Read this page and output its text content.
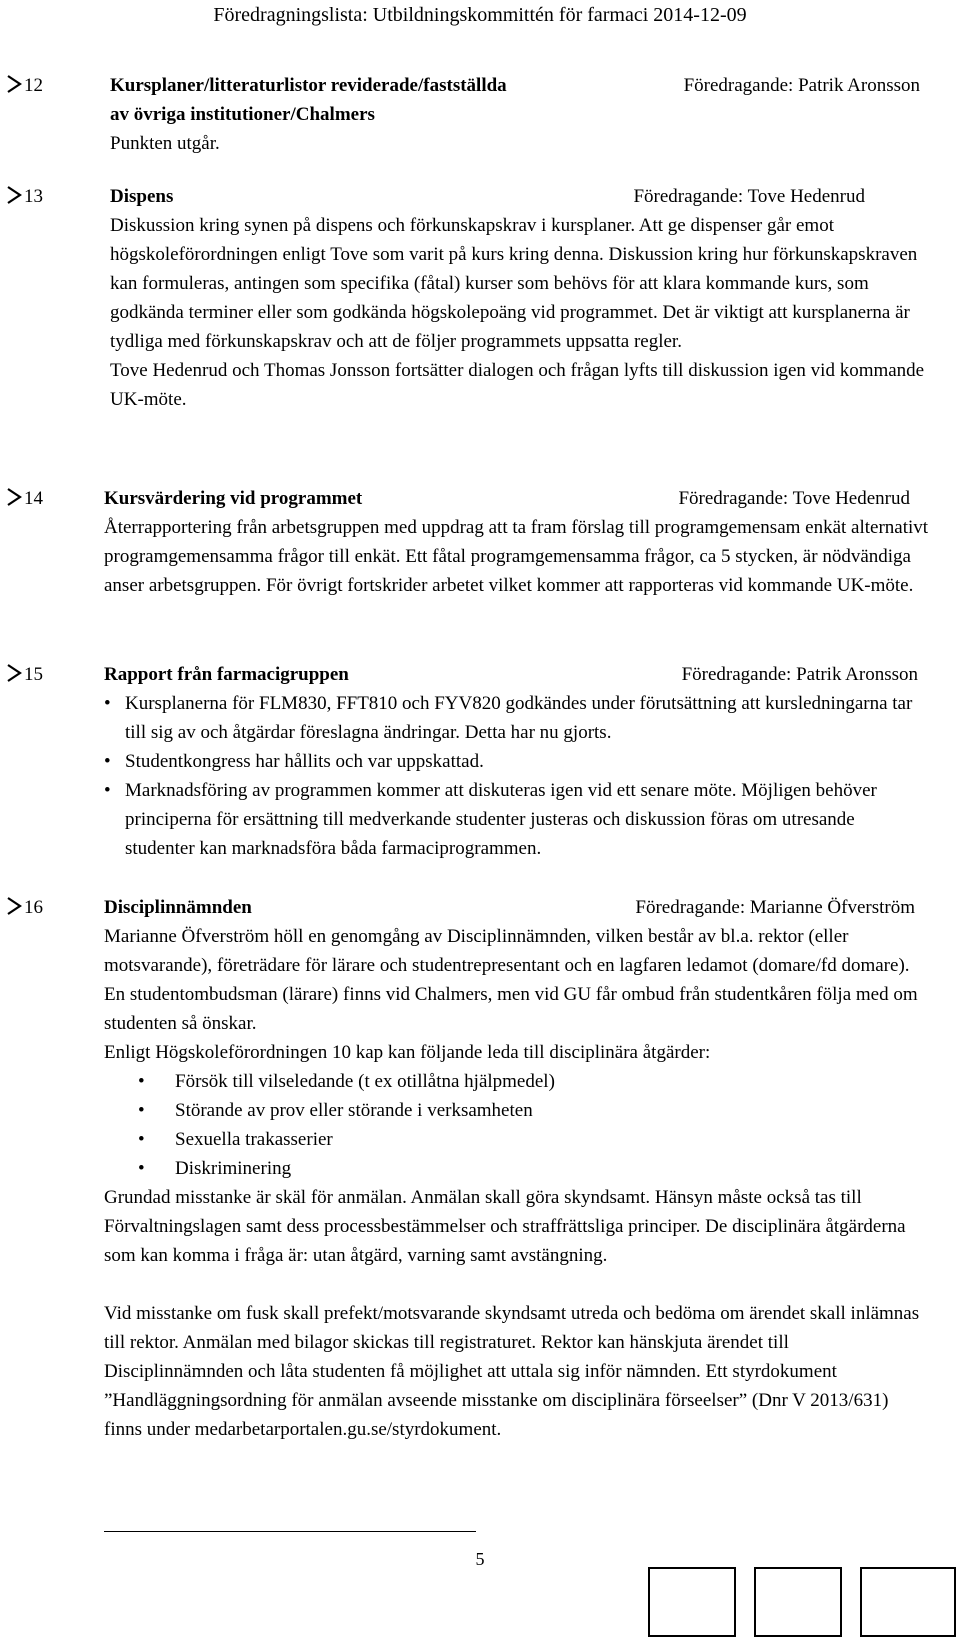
Föredragningslista: Utbildningskommittén för farmaci 2014-12-09
12	Kursplaner/litteraturlistor reviderade/fastställda	Föredragande: Patrik Aronsson

av övriga institutioner/Chalmers

Punkten utgår.

13	Dispens	Föredragande: Tove Hedenrud

Diskussion kring synen på dispens och förkunskapskrav i kursplaner. Att ge dispenser går emot högskoleförordningen enligt Tove som varit på kurs kring denna. Diskussion kring hur förkunskapskraven kan formuleras, antingen som specifika (fåtal) kurser som behövs för att klara kommande kurs, som godkända terminer eller som godkända högskolepoäng vid programmet. Det är viktigt att kursplanerna är tydliga med förkunskapskrav och att de följer programmets uppsatta regler.

Tove Hedenrud och Thomas Jonsson fortsätter dialogen och frågan lyfts till diskussion igen vid kommande UK-möte.

14	Kursvärdering vid programmet	Föredragande: Tove Hedenrud

Återrapportering från arbetsgruppen med uppdrag att ta fram förslag till programgemensam enkät alternativt programgemensamma frågor till enkät. Ett fåtal programgemensamma frågor, ca 5 stycken, är nödvändiga anser arbetsgruppen. För övrigt fortskrider arbetet vilket kommer att rapporteras vid kommande UK-möte.

15	Rapport från farmacigruppen	Föredragande: Patrik Aronsson

• Kursplanerna för FLM830, FFT810 och FYV820 godkändes under förutsättning att kursledningarna tar till sig av och åtgärdar föreslagna ändringar. Detta har nu gjorts.

• Studentkongress har hållits och var uppskattad.

• Marknadsföring av programmen kommer att diskuteras igen vid ett senare möte. Möjligen behöver principerna för ersättning till medverkande studenter justeras och diskussion föras om utresande studenter kan marknadsföra båda farmaciprogrammen.

16	Disciplinnämnden	Föredragande: Marianne Öfverström

Marianne Öfverström höll en genomgång av Disciplinnämnden, vilken består av bl.a. rektor (eller motsvarande), företrädare för lärare och studentrepresentant och en lagfaren ledamot (domare/fd domare).

En studentombudsman (lärare) finns vid Chalmers, men vid GU får ombud från studentkåren följa med om studenten så önskar.

Enligt Högskoleförordningen 10 kap kan följande leda till disciplinära åtgärder:

• Försök till vilseledande (t ex otillåtna hjälpmedel)

• Störande av prov eller störande i verksamheten

• Sexuella trakasserier

• Diskriminering

Grundad misstanke är skäl för anmälan. Anmälan skall göra skyndsamt. Hänsyn måste också tas till Förvaltningslagen samt dess processbestämmelser och straffrättsliga principer. De disciplinära åtgärderna som kan komma i fråga är: utan åtgärd, varning samt avstängning.

Vid misstanke om fusk skall prefekt/motsvarande skyndsamt utreda och bedöma om ärendet skall inlämnas till rektor. Anmälan med bilagor skickas till registraturet. Rektor kan hänskjuta ärendet till Disciplinnämnden och låta studenten få möjlighet att uttala sig inför nämnden. Ett styrdokument ”Handläggningsordning för anmälan avseende misstanke om disciplinära förseelser” (Dnr V 2013/631) finns under medarbetarportalen.gu.se/styrdokument.

5
